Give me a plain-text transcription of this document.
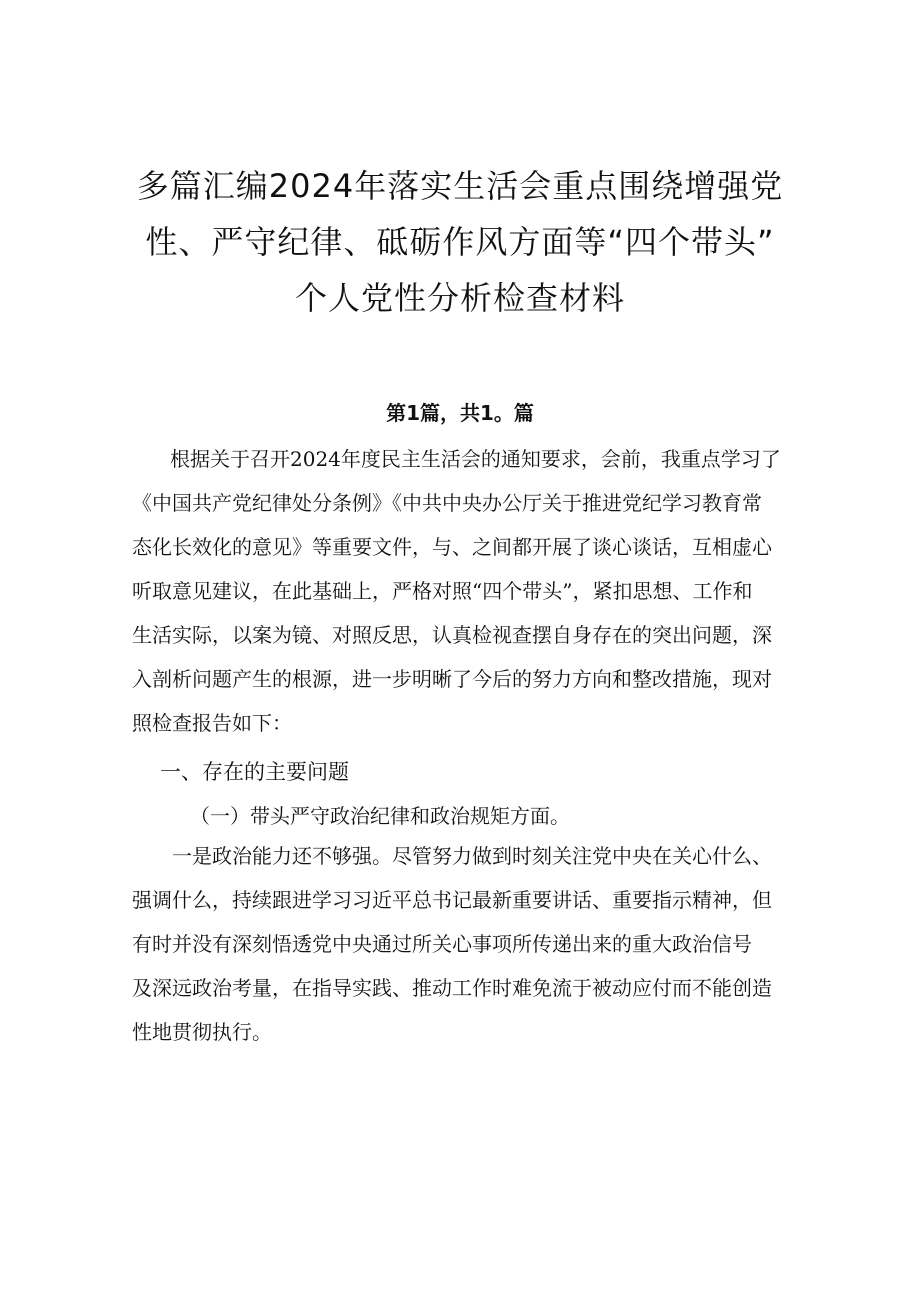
多篇汇编2024年落实生活会重点围绕增强党
性、严守纪律、砥砺作风方面等“四个带头”
个人党性分析检查材料
第1篇，共1。篇
根据关于召开2024年度民主生活会的通知要求，会前，我重点学习了
《中国共产党纪律处分条例》《中共中央办公厅关于推进党纪学习教育常
态化长效化的意见》等重要文件，与、之间都开展了谈心谈话，互相虚心
听取意见建议，在此基础上，严格对照“四个带头”，紧扣思想、工作和
生活实际，以案为镜、对照反思，认真检视查摆自身存在的突出问题，深
入剖析问题产生的根源，进一步明晰了今后的努力方向和整改措施，现对
照检查报告如下：
一、存在的主要问题
（一）带头严守政治纪律和政治规矩方面。
一是政治能力还不够强。尽管努力做到时刻关注党中央在关心什么、
强调什么，持续跟进学习习近平总书记最新重要讲话、重要指示精神，但
有时并没有深刻悟透党中央通过所关心事项所传递出来的重大政治信号
及深远政治考量，在指导实践、推动工作时难免流于被动应付而不能创造
性地贯彻执行。
